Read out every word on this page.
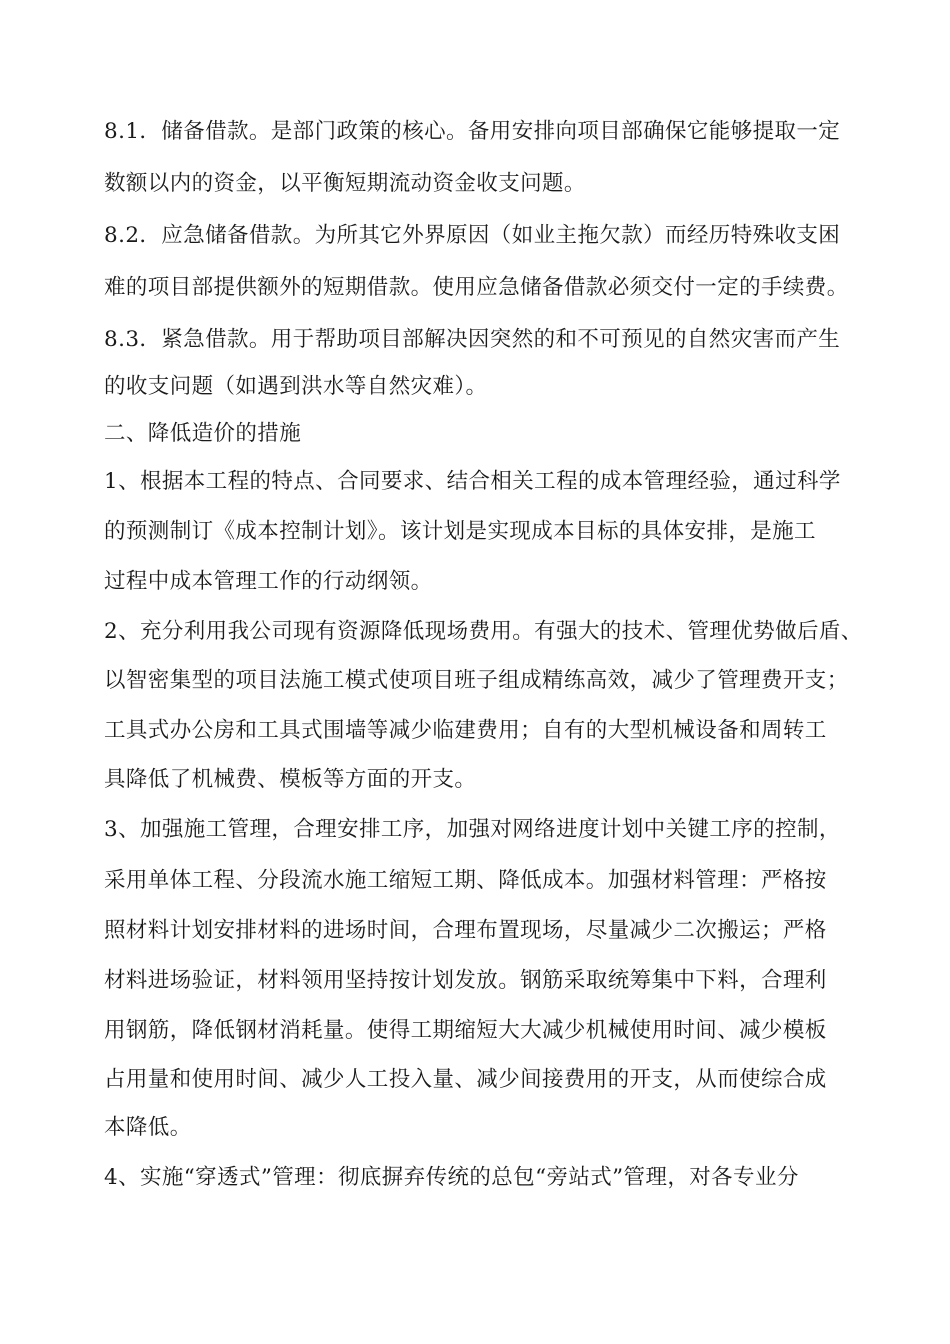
8.1．储备借款。是部门政策的核心。备用安排向项目部确保它能够提取一定
数额以内的资金，以平衡短期流动资金收支问题。
8.2．应急储备借款。为所其它外界原因（如业主拖欠款）而经历特殊收支困
难的项目部提供额外的短期借款。使用应急储备借款必须交付一定的手续费。
8.3．紧急借款。用于帮助项目部解决因突然的和不可预见的自然灾害而产生
的收支问题（如遇到洪水等自然灾难）。
二、降低造价的措施
1、根据本工程的特点、合同要求、结合相关工程的成本管理经验，通过科学
的预测制订《成本控制计划》。该计划是实现成本目标的具体安排，是施工
过程中成本管理工作的行动纲领。
2、充分利用我公司现有资源降低现场费用。有强大的技术、管理优势做后盾、
以智密集型的项目法施工模式使项目班子组成精练高效，减少了管理费开支；
工具式办公房和工具式围墙等减少临建费用；自有的大型机械设备和周转工
具降低了机械费、模板等方面的开支。
3、加强施工管理，合理安排工序，加强对网络进度计划中关键工序的控制，
采用单体工程、分段流水施工缩短工期、降低成本。加强材料管理：严格按
照材料计划安排材料的进场时间，合理布置现场，尽量减少二次搬运；严格
材料进场验证，材料领用坚持按计划发放。钢筋采取统筹集中下料，合理利
用钢筋，降低钢材消耗量。使得工期缩短大大减少机械使用时间、减少模板
占用量和使用时间、减少人工投入量、减少间接费用的开支，从而使综合成
本降低。
4、实施“穿透式”管理：彻底摒弃传统的总包“旁站式”管理，对各专业分
